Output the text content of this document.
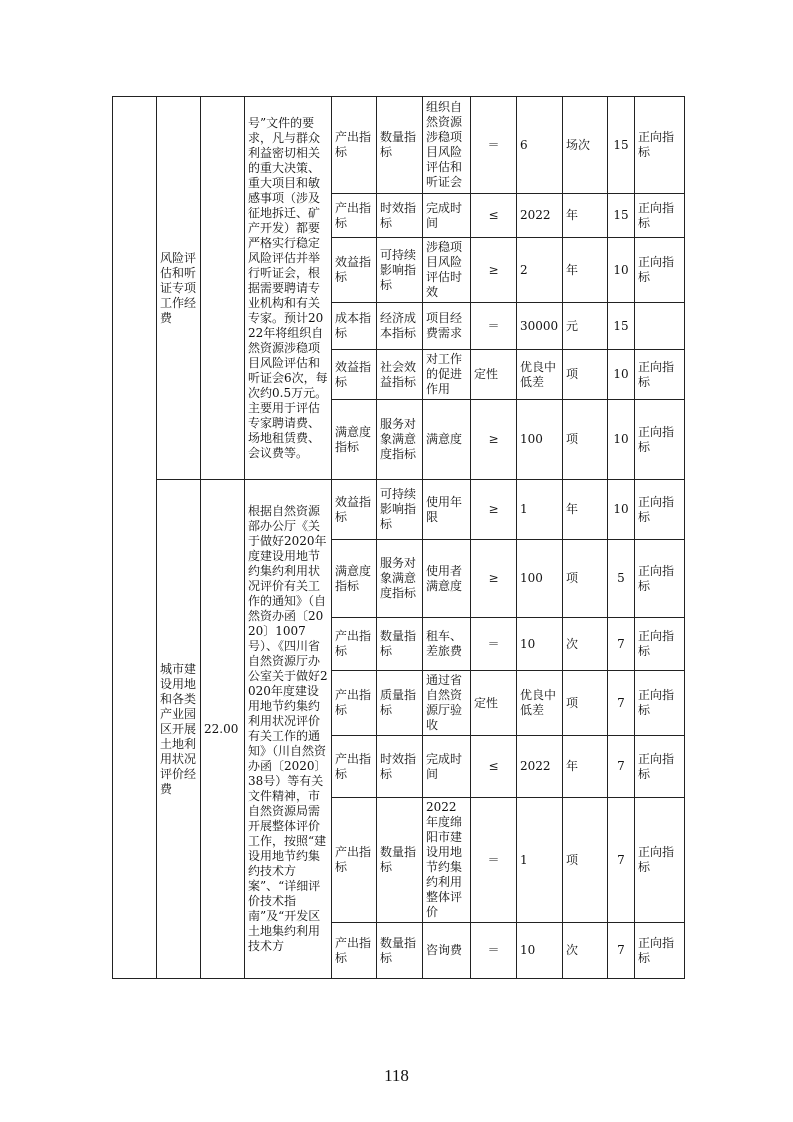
	风险评估和听证专项工作经费		号”文件的要求，凡与群众利益密切相关的重大决策、重大项目和敏感事项（涉及征地拆迁、矿产开发）都要严格实行稳定风险评估并举行听证会，根据需要聘请专业机构和有关专家。预计2022年将组织自然资源涉稳项目风险评估和听证会6次，每次约0.5万元。主要用于评估专家聘请费、场地租赁费、会议费等。	产出指标	数量指标	组织自然资源涉稳项目风险评估和听证会	＝	6	场次	15	正向指标
				产出指标	时效指标	完成时间	≤	2022	年	15	正向指标
				效益指标	可持续影响指标	涉稳项目风险评估时效	≥	2	年	10	正向指标
				成本指标	经济成本指标	项目经费需求	＝	30000	元	15	
				效益指标	社会效益指标	对工作的促进作用	定性	优良中低差	项	10	正向指标
				满意度指标	服务对象满意度指标	满意度	≥	100	项	10	正向指标
	城市建设用地和各类产业园区开展土地利用状况评价经费	22.00	根据自然资源部办公厅《关于做好2020年度建设用地节约集约利用状况评价有关工作的通知》（自然资办函〔2020〕1007号）、《四川省自然资源厅办公室关于做好2020年度建设用地节约集约利用状况评价有关工作的通知》（川自然资办函〔2020〕38号）等有关文件精神，市自然资源局需开展整体评价工作，按照“建设用地节约集约技术方案”、“详细评价技术指南”及“开发区土地集约利用技术方	效益指标	可持续影响指标	使用年限	≥	1	年	10	正向指标
				满意度指标	服务对象满意度指标	使用者满意度	≥	100	项	5	正向指标
				产出指标	数量指标	租车、差旅费	＝	10	次	7	正向指标
				产出指标	质量指标	通过省自然资源厅验收	定性	优良中低差	项	7	正向指标
				产出指标	时效指标	完成时间	≤	2022	年	7	正向指标
				产出指标	数量指标	2022年度绵阳市建设用地节约集约利用整体评价	＝	1	项	7	正向指标
				产出指标	数量指标	咨询费	＝	10	次	7	正向指标
118
